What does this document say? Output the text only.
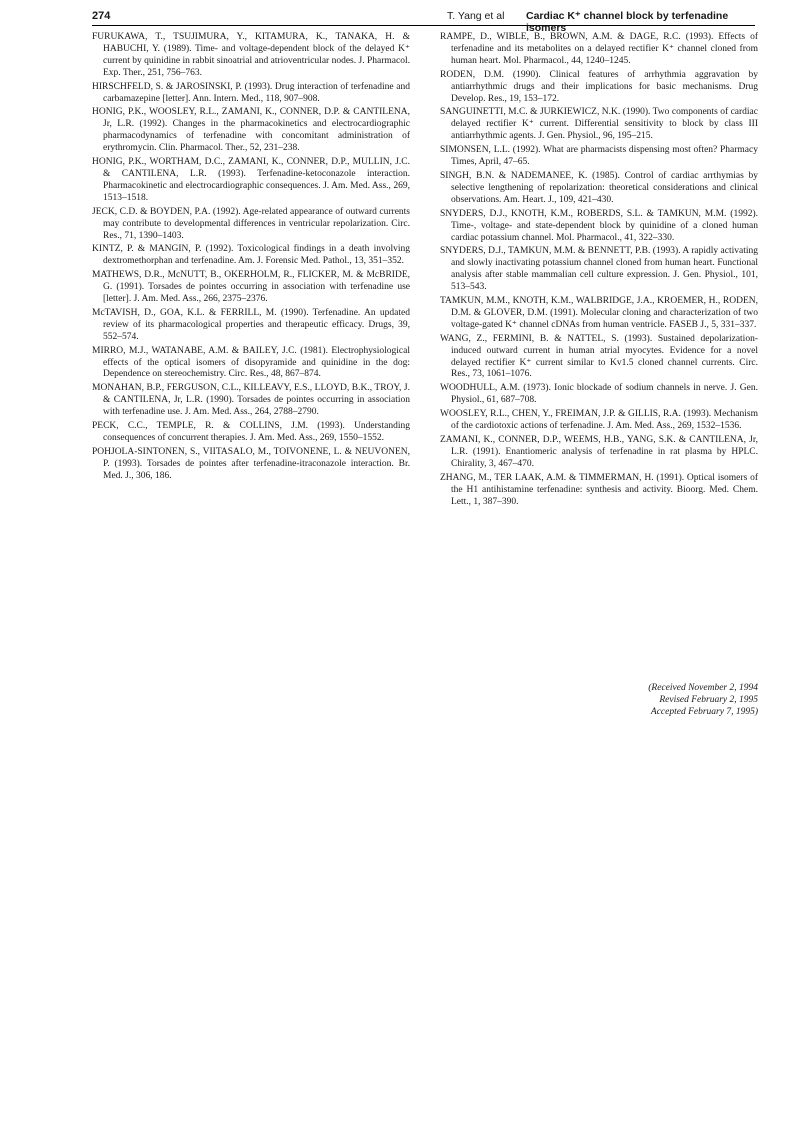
274	T. Yang et al Cardiac K⁺ channel block by terfenadine isomers

FURUKAWA, T., TSUJIMURA, Y., KITAMURA, K., TANAKA, H. & HABUCHI, Y. (1989). Time- and voltage-dependent block of the delayed K⁺ current by quinidine in rabbit sinoatrial and atrioventricular nodes. J. Pharmacol. Exp. Ther., 251, 756–763.

HIRSCHFELD, S. & JAROSINSKI, P. (1993). Drug interaction of terfenadine and carbamazepine [letter]. Ann. Intern. Med., 118, 907–908.

HONIG, P.K., WOOSLEY, R.L., ZAMANI, K., CONNER, D.P. & CANTILENA, Jr, L.R. (1992). Changes in the pharmacokinetics and electrocardiographic pharmacodynamics of terfenadine with concomitant administration of erythromycin. Clin. Pharmacol. Ther., 52, 231–238.

HONIG, P.K., WORTHAM, D.C., ZAMANI, K., CONNER, D.P., MULLIN, J.C. & CANTILENA, L.R. (1993). Terfenadine-ketoconazole interaction. Pharmacokinetic and electrocardiographic consequences. J. Am. Med. Ass., 269, 1513–1518.

JECK, C.D. & BOYDEN, P.A. (1992). Age-related appearance of outward currents may contribute to developmental differences in ventricular repolarization. Circ. Res., 71, 1390–1403.

KINTZ, P. & MANGIN, P. (1992). Toxicological findings in a death involving dextromethorphan and terfenadine. Am. J. Forensic Med. Pathol., 13, 351–352.

MATHEWS, D.R., McNUTT, B., OKERHOLM, R., FLICKER, M. & McBRIDE, G. (1991). Torsades de pointes occurring in association with terfenadine use [letter]. J. Am. Med. Ass., 266, 2375–2376.

McTAVISH, D., GOA, K.L. & FERRILL, M. (1990). Terfenadine. An updated review of its pharmacological properties and therapeutic efficacy. Drugs, 39, 552–574.

MIRRO, M.J., WATANABE, A.M. & BAILEY, J.C. (1981). Electrophysiological effects of the optical isomers of disopyramide and quinidine in the dog: Dependence on stereochemistry. Circ. Res., 48, 867–874.

MONAHAN, B.P., FERGUSON, C.L., KILLEAVY, E.S., LLOYD, B.K., TROY, J. & CANTILENA, Jr, L.R. (1990). Torsades de pointes occurring in association with terfenadine use. J. Am. Med. Ass., 264, 2788–2790.

PECK, C.C., TEMPLE, R. & COLLINS, J.M. (1993). Understanding consequences of concurrent therapies. J. Am. Med. Ass., 269, 1550–1552.

POHJOLA-SINTONEN, S., VIITASALO, M., TOIVONENE, L. & NEUVONEN, P. (1993). Torsades de pointes after terfenadine-itraconazole interaction. Br. Med. J., 306, 186.

RAMPE, D., WIBLE, B., BROWN, A.M. & DAGE, R.C. (1993). Effects of terfenadine and its metabolites on a delayed rectifier K⁺ channel cloned from human heart. Mol. Pharmacol., 44, 1240–1245.

RODEN, D.M. (1990). Clinical features of arrhythmia aggravation by antiarrhythmic drugs and their implications for basic mechanisms. Drug Develop. Res., 19, 153–172.

SANGUINETTI, M.C. & JURKIEWICZ, N.K. (1990). Two components of cardiac delayed rectifier K⁺ current. Differential sensitivity to block by class III antiarrhythmic agents. J. Gen. Physiol., 96, 195–215.

SIMONSEN, L.L. (1992). What are pharmacists dispensing most often? Pharmacy Times, April, 47–65.

SINGH, B.N. & NADEMANEE, K. (1985). Control of cardiac arrthymias by selective lengthening of repolarization: theoretical considerations and clinical observations. Am. Heart. J., 109, 421–430.

SNYDERS, D.J., KNOTH, K.M., ROBERDS, S.L. & TAMKUN, M.M. (1992). Time-, voltage- and state-dependent block by quinidine of a cloned human cardiac potassium channel. Mol. Pharmacol., 41, 322–330.

SNYDERS, D.J., TAMKUN, M.M. & BENNETT, P.B. (1993). A rapidly activating and slowly inactivating potassium channel cloned from human heart. Functional analysis after stable mammalian cell culture expression. J. Gen. Physiol., 101, 513–543.

TAMKUN, M.M., KNOTH, K.M., WALBRIDGE, J.A., KROEMER, H., RODEN, D.M. & GLOVER, D.M. (1991). Molecular cloning and characterization of two voltage-gated K⁺ channel cDNAs from human ventricle. FASEB J., 5, 331–337.

WANG, Z., FERMINI, B. & NATTEL, S. (1993). Sustained depolarization-induced outward current in human atrial myocytes. Evidence for a novel delayed rectifier K⁺ current similar to Kv1.5 cloned channel currents. Circ. Res., 73, 1061–1076.

WOODHULL, A.M. (1973). Ionic blockade of sodium channels in nerve. J. Gen. Physiol., 61, 687–708.

WOOSLEY, R.L., CHEN, Y., FREIMAN, J.P. & GILLIS, R.A. (1993). Mechanism of the cardiotoxic actions of terfenadine. J. Am. Med. Ass., 269, 1532–1536.

ZAMANI, K., CONNER, D.P., WEEMS, H.B., YANG, S.K. & CANTILENA, Jr, L.R. (1991). Enantiomeric analysis of terfenadine in rat plasma by HPLC. Chirality, 3, 467–470.

ZHANG, M., TER LAAK, A.M. & TIMMERMAN, H. (1991). Optical isomers of the H1 antihistamine terfenadine: synthesis and activity. Bioorg. Med. Chem. Lett., 1, 387–390.

(Received November 2, 1994
Revised February 2, 1995
Accepted February 7, 1995)
